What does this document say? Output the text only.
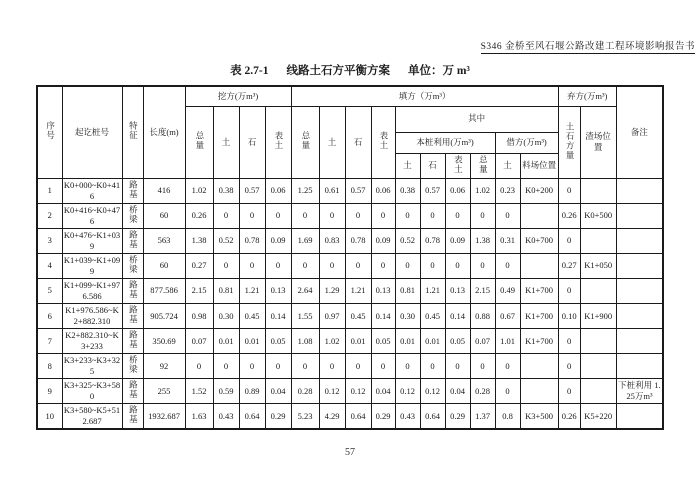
S346 金桥至风石堰公路改建工程环境影响报告书
表 2.7-1 线路土石方平衡方案 单位：万 m³
序号	起讫桩号	特征	长度(m)	挖方(万m³)				填方（万m³）										弃方(万m³)		备注
				总量	土	石	表土	总量	土	石	表土	其中						土石方量	渣场位置	
												本桩利用(万m³)				借方(万m³)				
												土	石	表土	总量	土	料场位置			
1	K0+000~K0+416	路基	416	1.02	0.38	0.57	0.06	1.25	0.61	0.57	0.06	0.38	0.57	0.06	1.02	0.23	K0+200	0		
2	K0+416~K0+476	桥梁	60	0.26	0	0	0	0	0	0	0	0	0	0	0	0		0.26	K0+500	
3	K0+476~K1+039	路基	563	1.38	0.52	0.78	0.09	1.69	0.83	0.78	0.09	0.52	0.78	0.09	1.38	0.31	K0+700	0		
4	K1+039~K1+099	桥梁	60	0.27	0	0	0	0	0	0	0	0	0	0	0	0		0.27	K1+050	
5	K1+099~K1+976.586	路基	877.586	2.15	0.81	1.21	0.13	2.64	1.29	1.21	0.13	0.81	1.21	0.13	2.15	0.49	K1+700	0		
6	K1+976.586~K2+882.310	路基	905.724	0.98	0.30	0.45	0.14	1.55	0.97	0.45	0.14	0.30	0.45	0.14	0.88	0.67	K1+700	0.10	K1+900	
7	K2+882.310~K3+233	路基	350.69	0.07	0.01	0.01	0.05	1.08	1.02	0.01	0.05	0.01	0.01	0.05	0.07	1.01	K1+700	0		
8	K3+233~K3+325	桥梁	92	0	0	0	0	0	0	0	0	0	0	0	0	0		0		
9	K3+325~K3+580	路基	255	1.52	0.59	0.89	0.04	0.28	0.12	0.12	0.04	0.12	0.12	0.04	0.28	0		0		下桩利用 1.25万m³
10	K3+580~K5+512.687	路基	1932.687	1.63	0.43	0.64	0.29	5.23	4.29	0.64	0.29	0.43	0.64	0.29	1.37	0.8	K3+500	0.26	K5+220	
57
